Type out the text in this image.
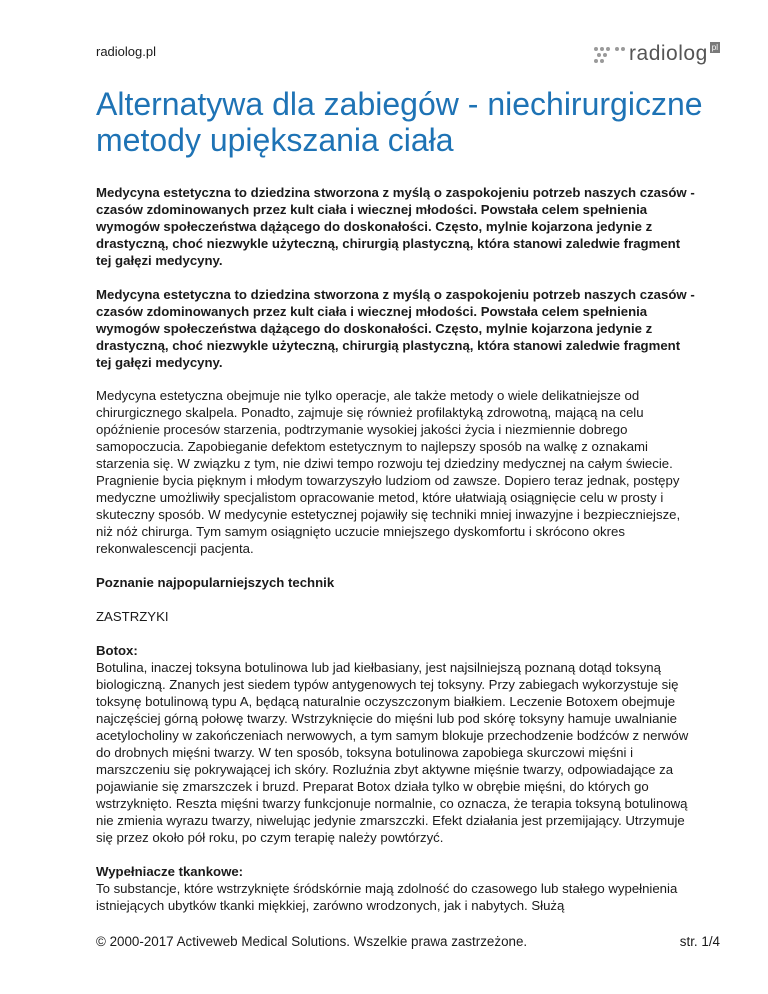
radiolog.pl	radiolog pl
Alternatywa dla zabiegów - niechirurgiczne metody upiększania ciała

Medycyna estetyczna to dziedzina stworzona z myślą o zaspokojeniu potrzeb naszych czasów - czasów zdominowanych przez kult ciała i wiecznej młodości. Powstała celem spełnienia wymogów społeczeństwa dążącego do doskonałości. Często, mylnie kojarzona jedynie z drastyczną, choć niezwykle użyteczną, chirurgią plastyczną, która stanowi zaledwie fragment tej gałęzi medycyny.

Medycyna estetyczna to dziedzina stworzona z myślą o zaspokojeniu potrzeb naszych czasów - czasów zdominowanych przez kult ciała i wiecznej młodości. Powstała celem spełnienia wymogów społeczeństwa dążącego do doskonałości. Często, mylnie kojarzona jedynie z drastyczną, choć niezwykle użyteczną, chirurgią plastyczną, która stanowi zaledwie fragment tej gałęzi medycyny.

Medycyna estetyczna obejmuje nie tylko operacje, ale także metody o wiele delikatniejsze od chirurgicznego skalpela. Ponadto, zajmuje się również profilaktyką zdrowotną, mającą na celu opóźnienie procesów starzenia, podtrzymanie wysokiej jakości życia i niezmiennie dobrego samopoczucia. Zapobieganie defektom estetycznym to najlepszy sposób na walkę z oznakami starzenia się. W związku z tym, nie dziwi tempo rozwoju tej dziedziny medycznej na całym świecie. Pragnienie bycia pięknym i młodym towarzyszyło ludziom od zawsze. Dopiero teraz jednak, postępy medyczne umożliwiły specjalistom opracowanie metod, które ułatwiają osiągnięcie celu w prosty i skuteczny sposób. W medycynie estetycznej pojawiły się techniki mniej inwazyjne i bezpieczniejsze, niż nóż chirurga. Tym samym osiągnięto uczucie mniejszego dyskomfortu i skrócono okres rekonwalescencji pacjenta.

Poznanie najpopularniejszych technik

ZASTRZYKI

Botox:

Botulina, inaczej toksyna botulinowa lub jad kiełbasiany, jest najsilniejszą poznaną dotąd toksyną biologiczną. Znanych jest siedem typów antygenowych tej toksyny. Przy zabiegach wykorzystuje się toksynę botulinową typu A, będącą naturalnie oczyszczonym białkiem. Leczenie Botoxem obejmuje najczęściej górną połowę twarzy. Wstrzyknięcie do mięśni lub pod skórę toksyny hamuje uwalnianie acetylocholiny w zakończeniach nerwowych, a tym samym blokuje przechodzenie bodźców z nerwów do drobnych mięśni twarzy. W ten sposób, toksyna botulinowa zapobiega skurczowi mięśni i marszczeniu się pokrywającej ich skóry. Rozluźnia zbyt aktywne mięśnie twarzy, odpowiadające za pojawianie się zmarszczek i bruzd. Preparat Botox działa tylko w obrębie mięśni, do których go wstrzyknięto. Reszta mięśni twarzy funkcjonuje normalnie, co oznacza, że terapia toksyną botulinową nie zmienia wyrazu twarzy, niwelując jedynie zmarszczki. Efekt działania jest przemijający. Utrzymuje się przez około pół roku, po czym terapię należy powtórzyć.

Wypełniacze tkankowe:

To substancje, które wstrzyknięte śródskórnie mają zdolność do czasowego lub stałego wypełnienia istniejących ubytków tkanki miękkiej, zarówno wrodzonych, jak i nabytych. Służą

© 2000-2017 Activeweb Medical Solutions. Wszelkie prawa zastrzeżone.	str. 1/4
